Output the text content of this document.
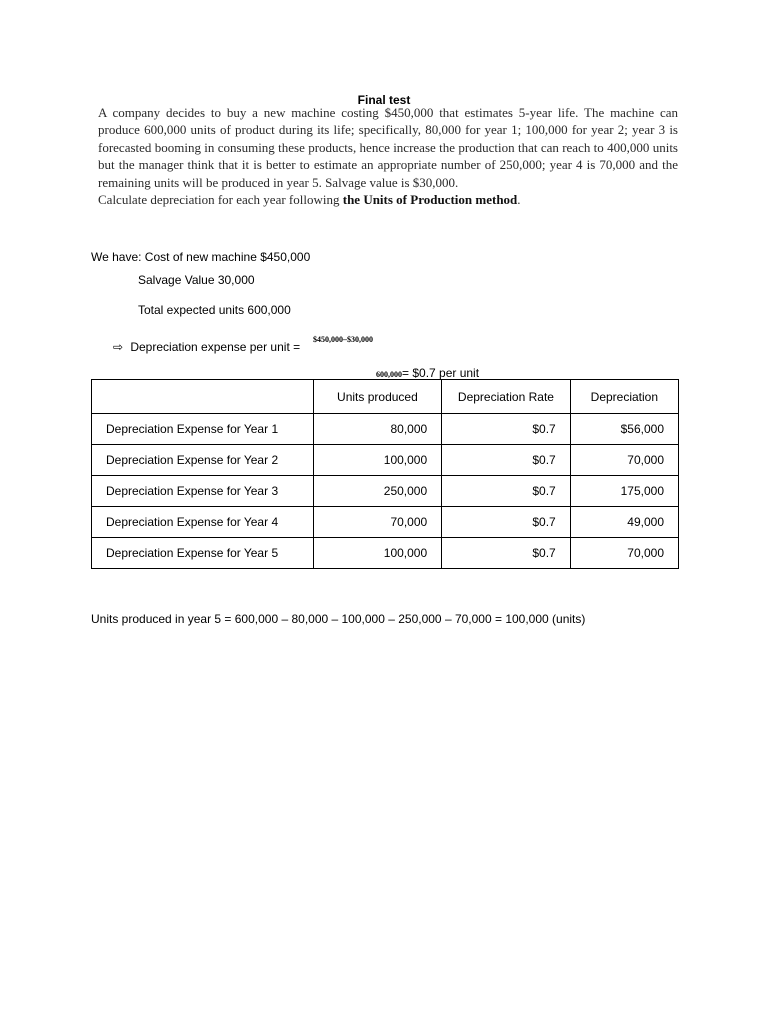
Final test

A company decides to buy a new machine costing $450,000 that estimates 5-year life. The machine can produce 600,000 units of product during its life; specifically, 80,000 for year 1; 100,000 for year 2; year 3 is forecasted booming in consuming these products, hence increase the production that can reach to 400,000 units but the manager think that it is better to estimate an appropriate number of 250,000; year 4 is 70,000 and the remaining units will be produced in year 5. Salvage value is $30,000.

Calculate depreciation for each year following the Units of Production method.

We have: Cost of new machine $450,000
Salvage Value 30,000
Total expected units 600,000
⇨ Depreciation expense per unit =
$450,000–$30,000
600,000= $0.7 per unit
	Units produced	Depreciation Rate	Depreciation
Depreciation Expense for Year 1	80,000	$0.7	$56,000
Depreciation Expense for Year 2	100,000	$0.7	70,000
Depreciation Expense for Year 3	250,000	$0.7	175,000
Depreciation Expense for Year 4	70,000	$0.7	49,000
Depreciation Expense for Year 5	100,000	$0.7	70,000
Units produced in year 5 = 600,000 – 80,000 – 100,000 – 250,000 – 70,000 = 100,000 (units)
